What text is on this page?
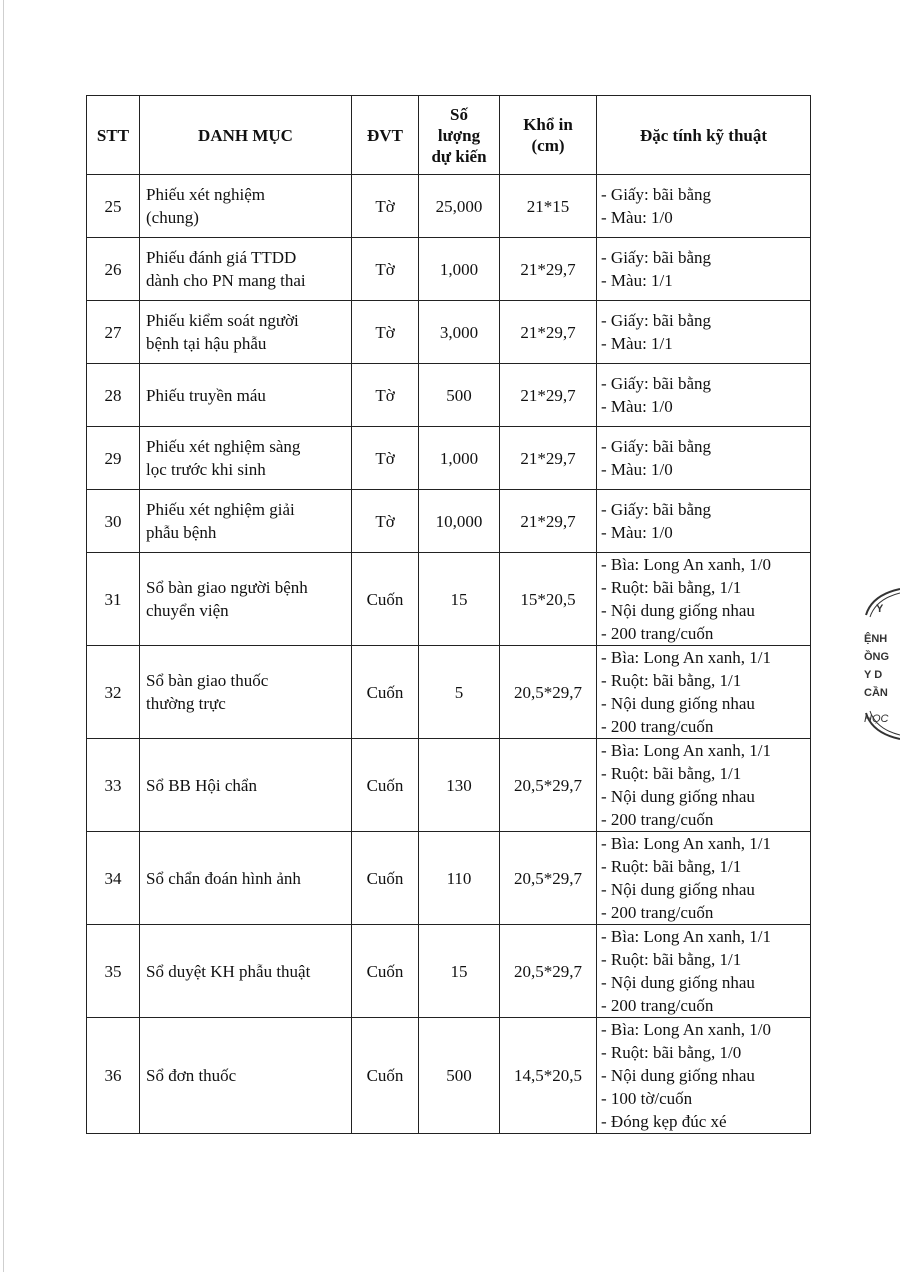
STT	DANH MỤC	ĐVT	Số
lượng
dự kiến	Khổ in
(cm)	Đặc tính kỹ thuật
25	Phiếu xét nghiệm
(chung)	Tờ	25,000	21*15	- Giấy: bãi bằng
- Màu: 1/0

26	Phiếu đánh giá TTDD
dành cho PN mang thai	Tờ	1,000	21*29,7	- Giấy: bãi bằng
- Màu: 1/1

27	Phiếu kiểm soát người
bệnh tại hậu phẫu	Tờ	3,000	21*29,7	- Giấy: bãi bằng
- Màu: 1/1

28	Phiếu truyền máu	Tờ	500	21*29,7	- Giấy: bãi bằng
- Màu: 1/0

29	Phiếu xét nghiệm sàng
lọc trước khi sinh	Tờ	1,000	21*29,7	- Giấy: bãi bằng
- Màu: 1/0

30	Phiếu xét nghiệm giải
phẫu bệnh	Tờ	10,000	21*29,7	- Giấy: bãi bằng
- Màu: 1/0

31	Sổ bàn giao người bệnh
chuyển viện	Cuốn	15	15*20,5	- Bìa: Long An xanh, 1/0
- Ruột: bãi bằng, 1/1
- Nội dung giống nhau
- 200 trang/cuốn

32	Sổ bàn giao thuốc
thường trực	Cuốn	5	20,5*29,7	- Bìa: Long An xanh, 1/1
- Ruột: bãi bằng, 1/1
- Nội dung giống nhau
- 200 trang/cuốn

33	Sổ BB Hội chẩn	Cuốn	130	20,5*29,7	- Bìa: Long An xanh, 1/1
- Ruột: bãi bằng, 1/1
- Nội dung giống nhau
- 200 trang/cuốn

34	Sổ chẩn đoán hình ảnh	Cuốn	110	20,5*29,7	- Bìa: Long An xanh, 1/1
- Ruột: bãi bằng, 1/1
- Nội dung giống nhau
- 200 trang/cuốn

35	Sổ duyệt KH phẫu thuật	Cuốn	15	20,5*29,7	- Bìa: Long An xanh, 1/1
- Ruột: bãi bằng, 1/1
- Nội dung giống nhau
- 200 trang/cuốn

36	Sổ đơn thuốc	Cuốn	500	14,5*20,5	- Bìa: Long An xanh, 1/0
- Ruột: bãi bằng, 1/0
- Nội dung giống nhau
- 100 tờ/cuốn
- Đóng kẹp đúc xé
Y
ỆNH
ỒNG
Y D
CẦN
HỌC
